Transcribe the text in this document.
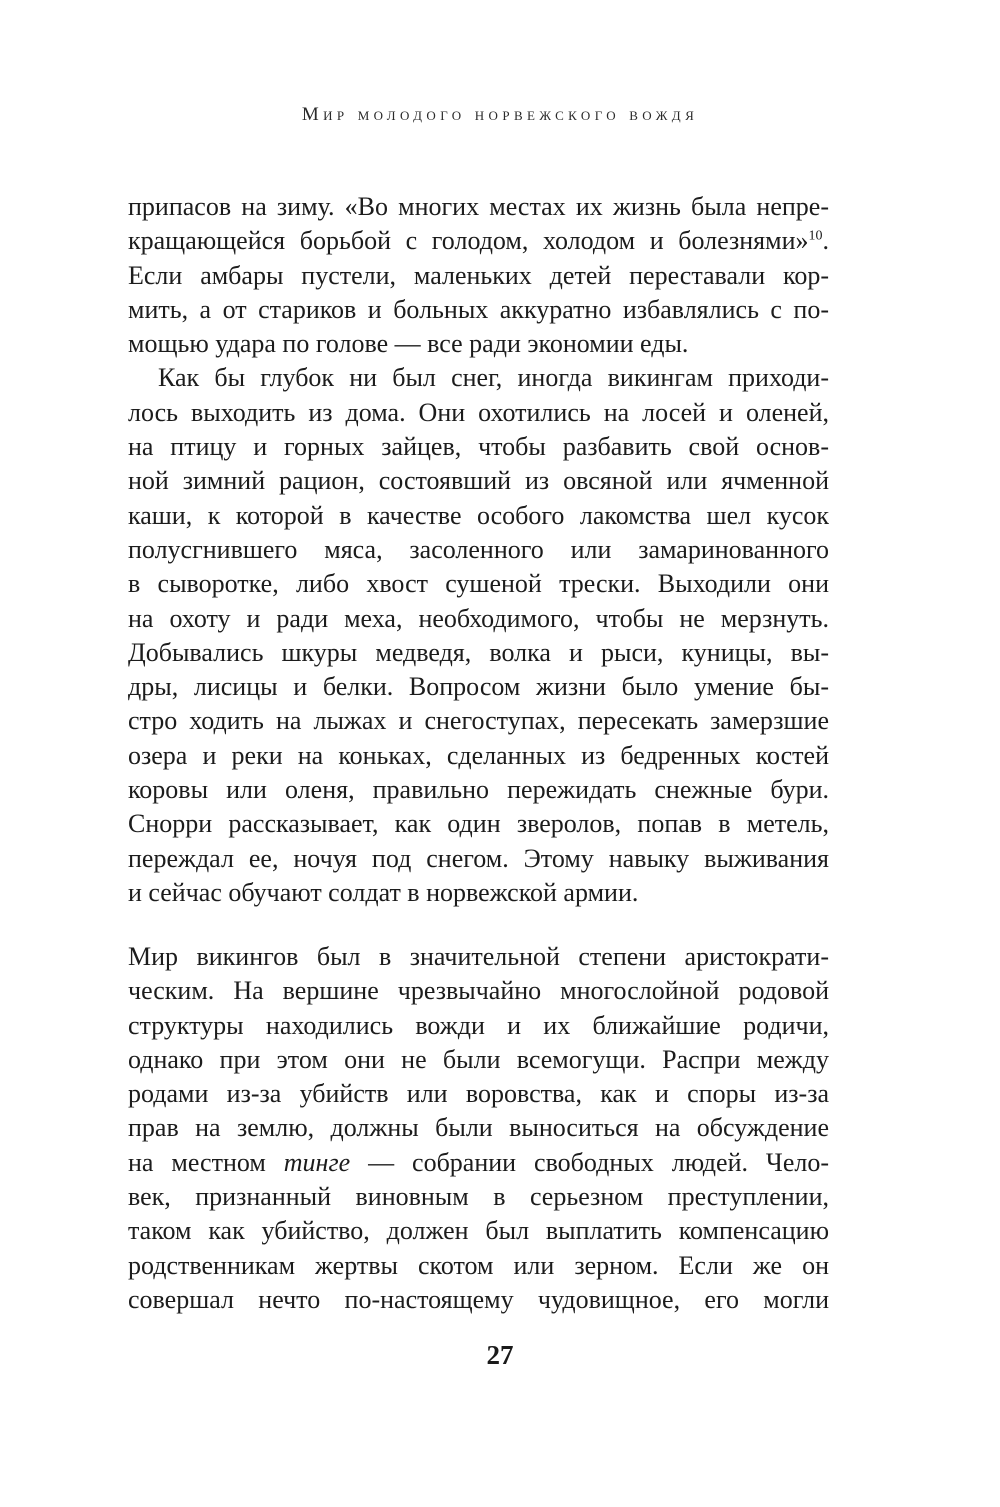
Мир молодого норвежского вождя
припасов на зиму. «Во многих местах их жизнь была непре-
кращающейся борьбой с голодом, холодом и болезнями»$^{10}$.
Если амбары пустели, маленьких детей переставали кор-
мить, а от стариков и больных аккуратно избавлялись с по-
мощью удара по голове — все ради экономии еды.
Как бы глубок ни был снег, иногда викингам приходи-
лось выходить из дома. Они охотились на лосей и оленей,
на птицу и горных зайцев, чтобы разбавить свой основ-
ной зимний рацион, состоявший из овсяной или ячменной
каши, к которой в качестве особого лакомства шел кусок
полусгнившего мяса, засоленного или замаринованного
в сыворотке, либо хвост сушеной трески. Выходили они
на охоту и ради меха, необходимого, чтобы не мерзнуть.
Добывались шкуры медведя, волка и рыси, куницы, вы-
дры, лисицы и белки. Вопросом жизни было умение бы-
стро ходить на лыжах и снегоступах, пересекать замерзшие
озера и реки на коньках, сделанных из бедренных костей
коровы или оленя, правильно пережидать снежные бури.
Снорри рассказывает, как один зверолов, попав в метель,
переждал ее, ночуя под снегом. Этому навыку выживания
и сейчас обучают солдат в норвежской армии.
Мир викингов был в значительной степени аристократи-
ческим. На вершине чрезвычайно многослойной родовой
структуры находились вожди и их ближайшие родичи,
однако при этом они не были всемогущи. Распри между
родами из-за убийств или воровства, как и споры из-за
прав на землю, должны были выноситься на обсуждение
на местном тинге — собрании свободных людей. Чело-
век, признанный виновным в серьезном преступлении,
таком как убийство, должен был выплатить компенсацию
родственникам жертвы скотом или зерном. Если же он
совершал нечто по-настоящему чудовищное, его могли
27
